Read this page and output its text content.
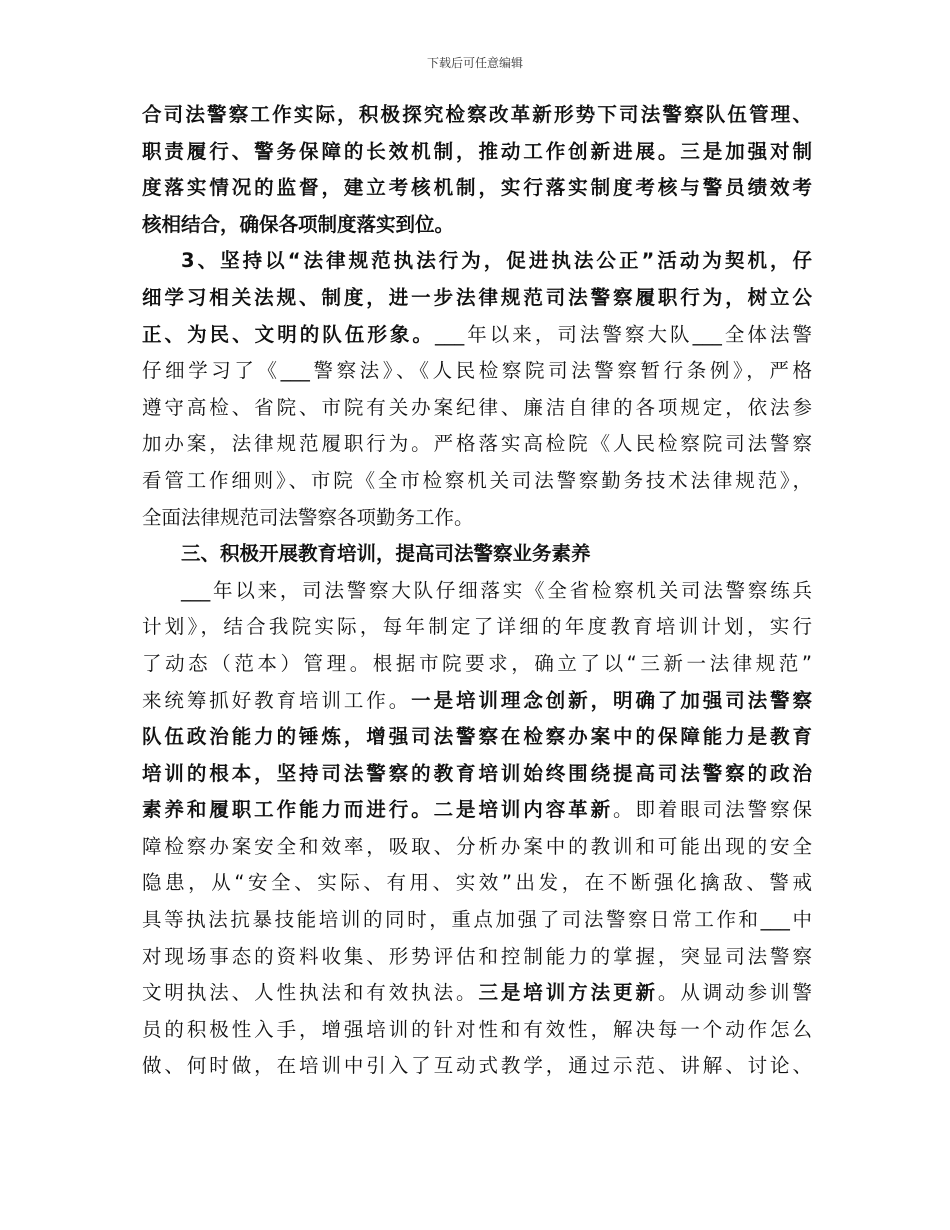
下载后可任意编辑
合司法警察工作实际，积极探究检察改革新形势下司法警察队伍管理、
职责履行、警务保障的长效机制，推动工作创新进展。三是加强对制
度落实情况的监督，建立考核机制，实行落实制度考核与警员绩效考
核相结合，确保各项制度落实到位。
3、坚持以“法律规范执法行为，促进执法公正”活动为契机，仔
细学习相关法规、制度，进一步法律规范司法警察履职行为，树立公
正、为民、文明的队伍形象。___年以来，司法警察大队___全体法警
仔细学习了《___警察法》、《人民检察院司法警察暂行条例》，严格
遵守高检、省院、市院有关办案纪律、廉洁自律的各项规定，依法参
加办案，法律规范履职行为。严格落实高检院《人民检察院司法警察
看管工作细则》、市院《全市检察机关司法警察勤务技术法律规范》，
全面法律规范司法警察各项勤务工作。
三、积极开展教育培训，提高司法警察业务素养
___年以来，司法警察大队仔细落实《全省检察机关司法警察练兵
计划》，结合我院实际，每年制定了详细的年度教育培训计划，实行
了动态（范本）管理。根据市院要求，确立了以“三新一法律规范”
来统筹抓好教育培训工作。一是培训理念创新，明确了加强司法警察
队伍政治能力的锤炼，增强司法警察在检察办案中的保障能力是教育
培训的根本，坚持司法警察的教育培训始终围绕提高司法警察的政治
素养和履职工作能力而进行。二是培训内容革新。即着眼司法警察保
障检察办案安全和效率，吸取、分析办案中的教训和可能出现的安全
隐患，从“安全、实际、有用、实效”出发，在不断强化擒敌、警戒
具等执法抗暴技能培训的同时，重点加强了司法警察日常工作和___中
对现场事态的资料收集、形势评估和控制能力的掌握，突显司法警察
文明执法、人性执法和有效执法。三是培训方法更新。从调动参训警
员的积极性入手，增强培训的针对性和有效性，解决每一个动作怎么
做、何时做，在培训中引入了互动式教学，通过示范、讲解、讨论、
